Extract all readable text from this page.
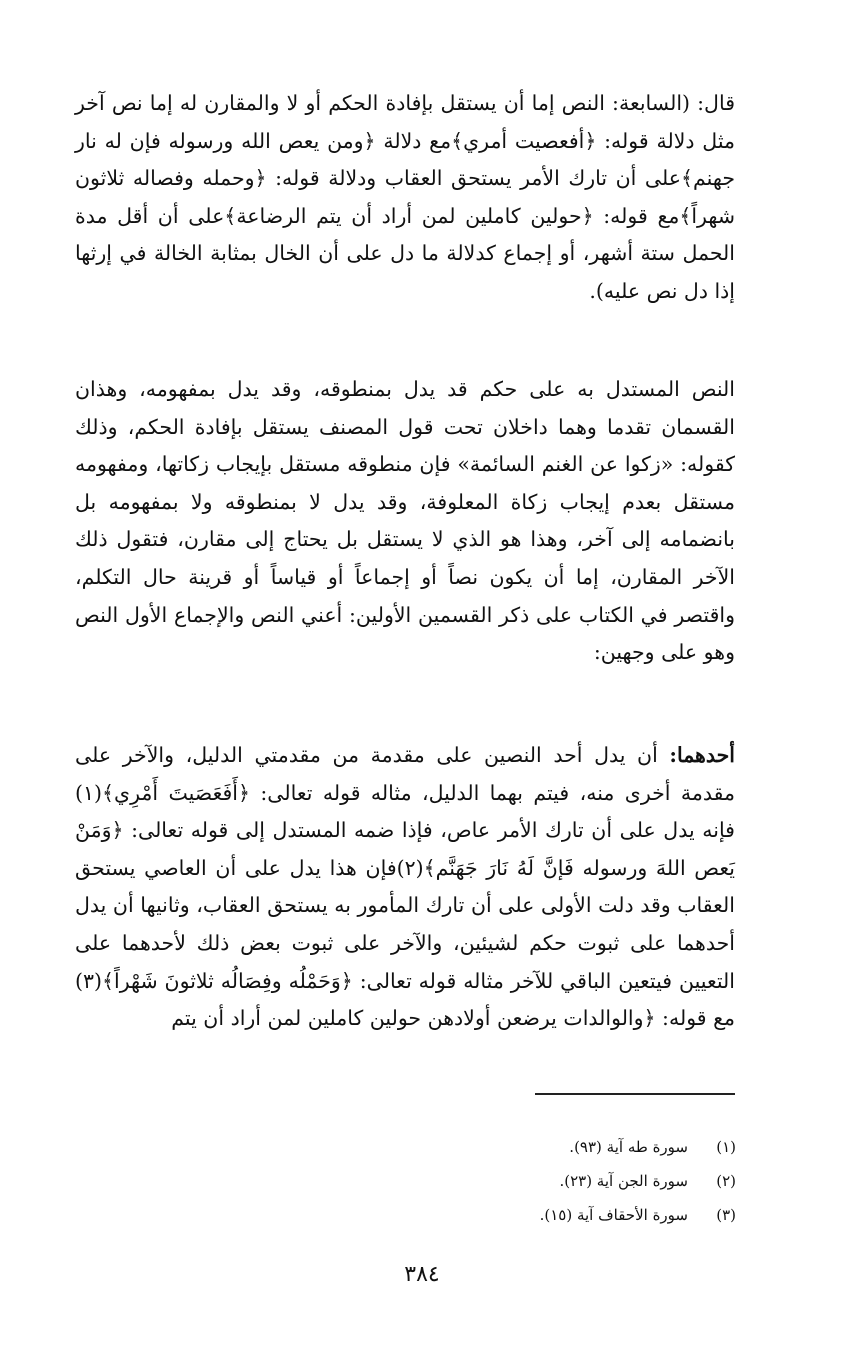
قال: (السابعة: النص إما أن يستقل بإفادة الحكم أو لا والمقارن له إما نص آخر مثل دلالة قوله: ﴿أفعصيت أمري﴾مع دلالة ﴿ومن يعص الله ورسوله فإن له نار جهنم﴾على أن تارك الأمر يستحق العقاب ودلالة قوله: ﴿وحمله وفصاله ثلاثون شهراً﴾مع قوله: ﴿حولين كاملين لمن أراد أن يتم الرضاعة﴾على أن أقل مدة الحمل ستة أشهر، أو إجماع كدلالة ما دل على أن الخال بمثابة الخالة في إرثها إذا دل نص عليه).

النص المستدل به على حكم قد يدل بمنطوقه، وقد يدل بمفهومه، وهذان القسمان تقدما وهما داخلان تحت قول المصنف يستقل بإفادة الحكم، وذلك كقوله: «زكوا عن الغنم السائمة» فإن منطوقه مستقل بإيجاب زكاتها، ومفهومه مستقل بعدم إيجاب زكاة المعلوفة، وقد يدل لا بمنطوقه ولا بمفهومه بل بانضمامه إلى آخر، وهذا هو الذي لا يستقل بل يحتاج إلى مقارن، فتقول ذلك الآخر المقارن، إما أن يكون نصاً أو إجماعاً أو قياساً أو قرينة حال التكلم، واقتصر في الكتاب على ذكر القسمين الأولين: أعني النص والإجماع الأول النص وهو على وجهين:

أحدهما: أن يدل أحد النصين على مقدمة من مقدمتي الدليل، والآخر على مقدمة أخرى منه، فيتم بهما الدليل، مثاله قوله تعالى: ﴿أَفَعَصَيتَ أَمْرِي﴾(١) فإنه يدل على أن تارك الأمر عاص، فإذا ضمه المستدل إلى قوله تعالى: ﴿وَمَنْ يَعص اللهَ ورسوله فَإنَّ لَهُ نَارَ جَهَنَّم﴾(٢)فإن هذا يدل على أن العاصي يستحق العقاب وقد دلت الأولى على أن تارك المأمور به يستحق العقاب، وثانيها أن يدل أحدهما على ثبوت حكم لشيئين، والآخر على ثبوت بعض ذلك لأحدهما على التعيين فيتعين الباقي للآخر مثاله قوله تعالى: ﴿وَحَمْلُه وفِصَالُه ثلاثونَ شَهْراً﴾(٣) مع قوله: ﴿والوالدات يرضعن أولادهن حولين كاملين لمن أراد أن يتم

(١)سورة طه آية (٩٣).
(٢)سورة الجن آية (٢٣).
(٣)سورة الأحقاف آية (١٥).
٣٨٤
